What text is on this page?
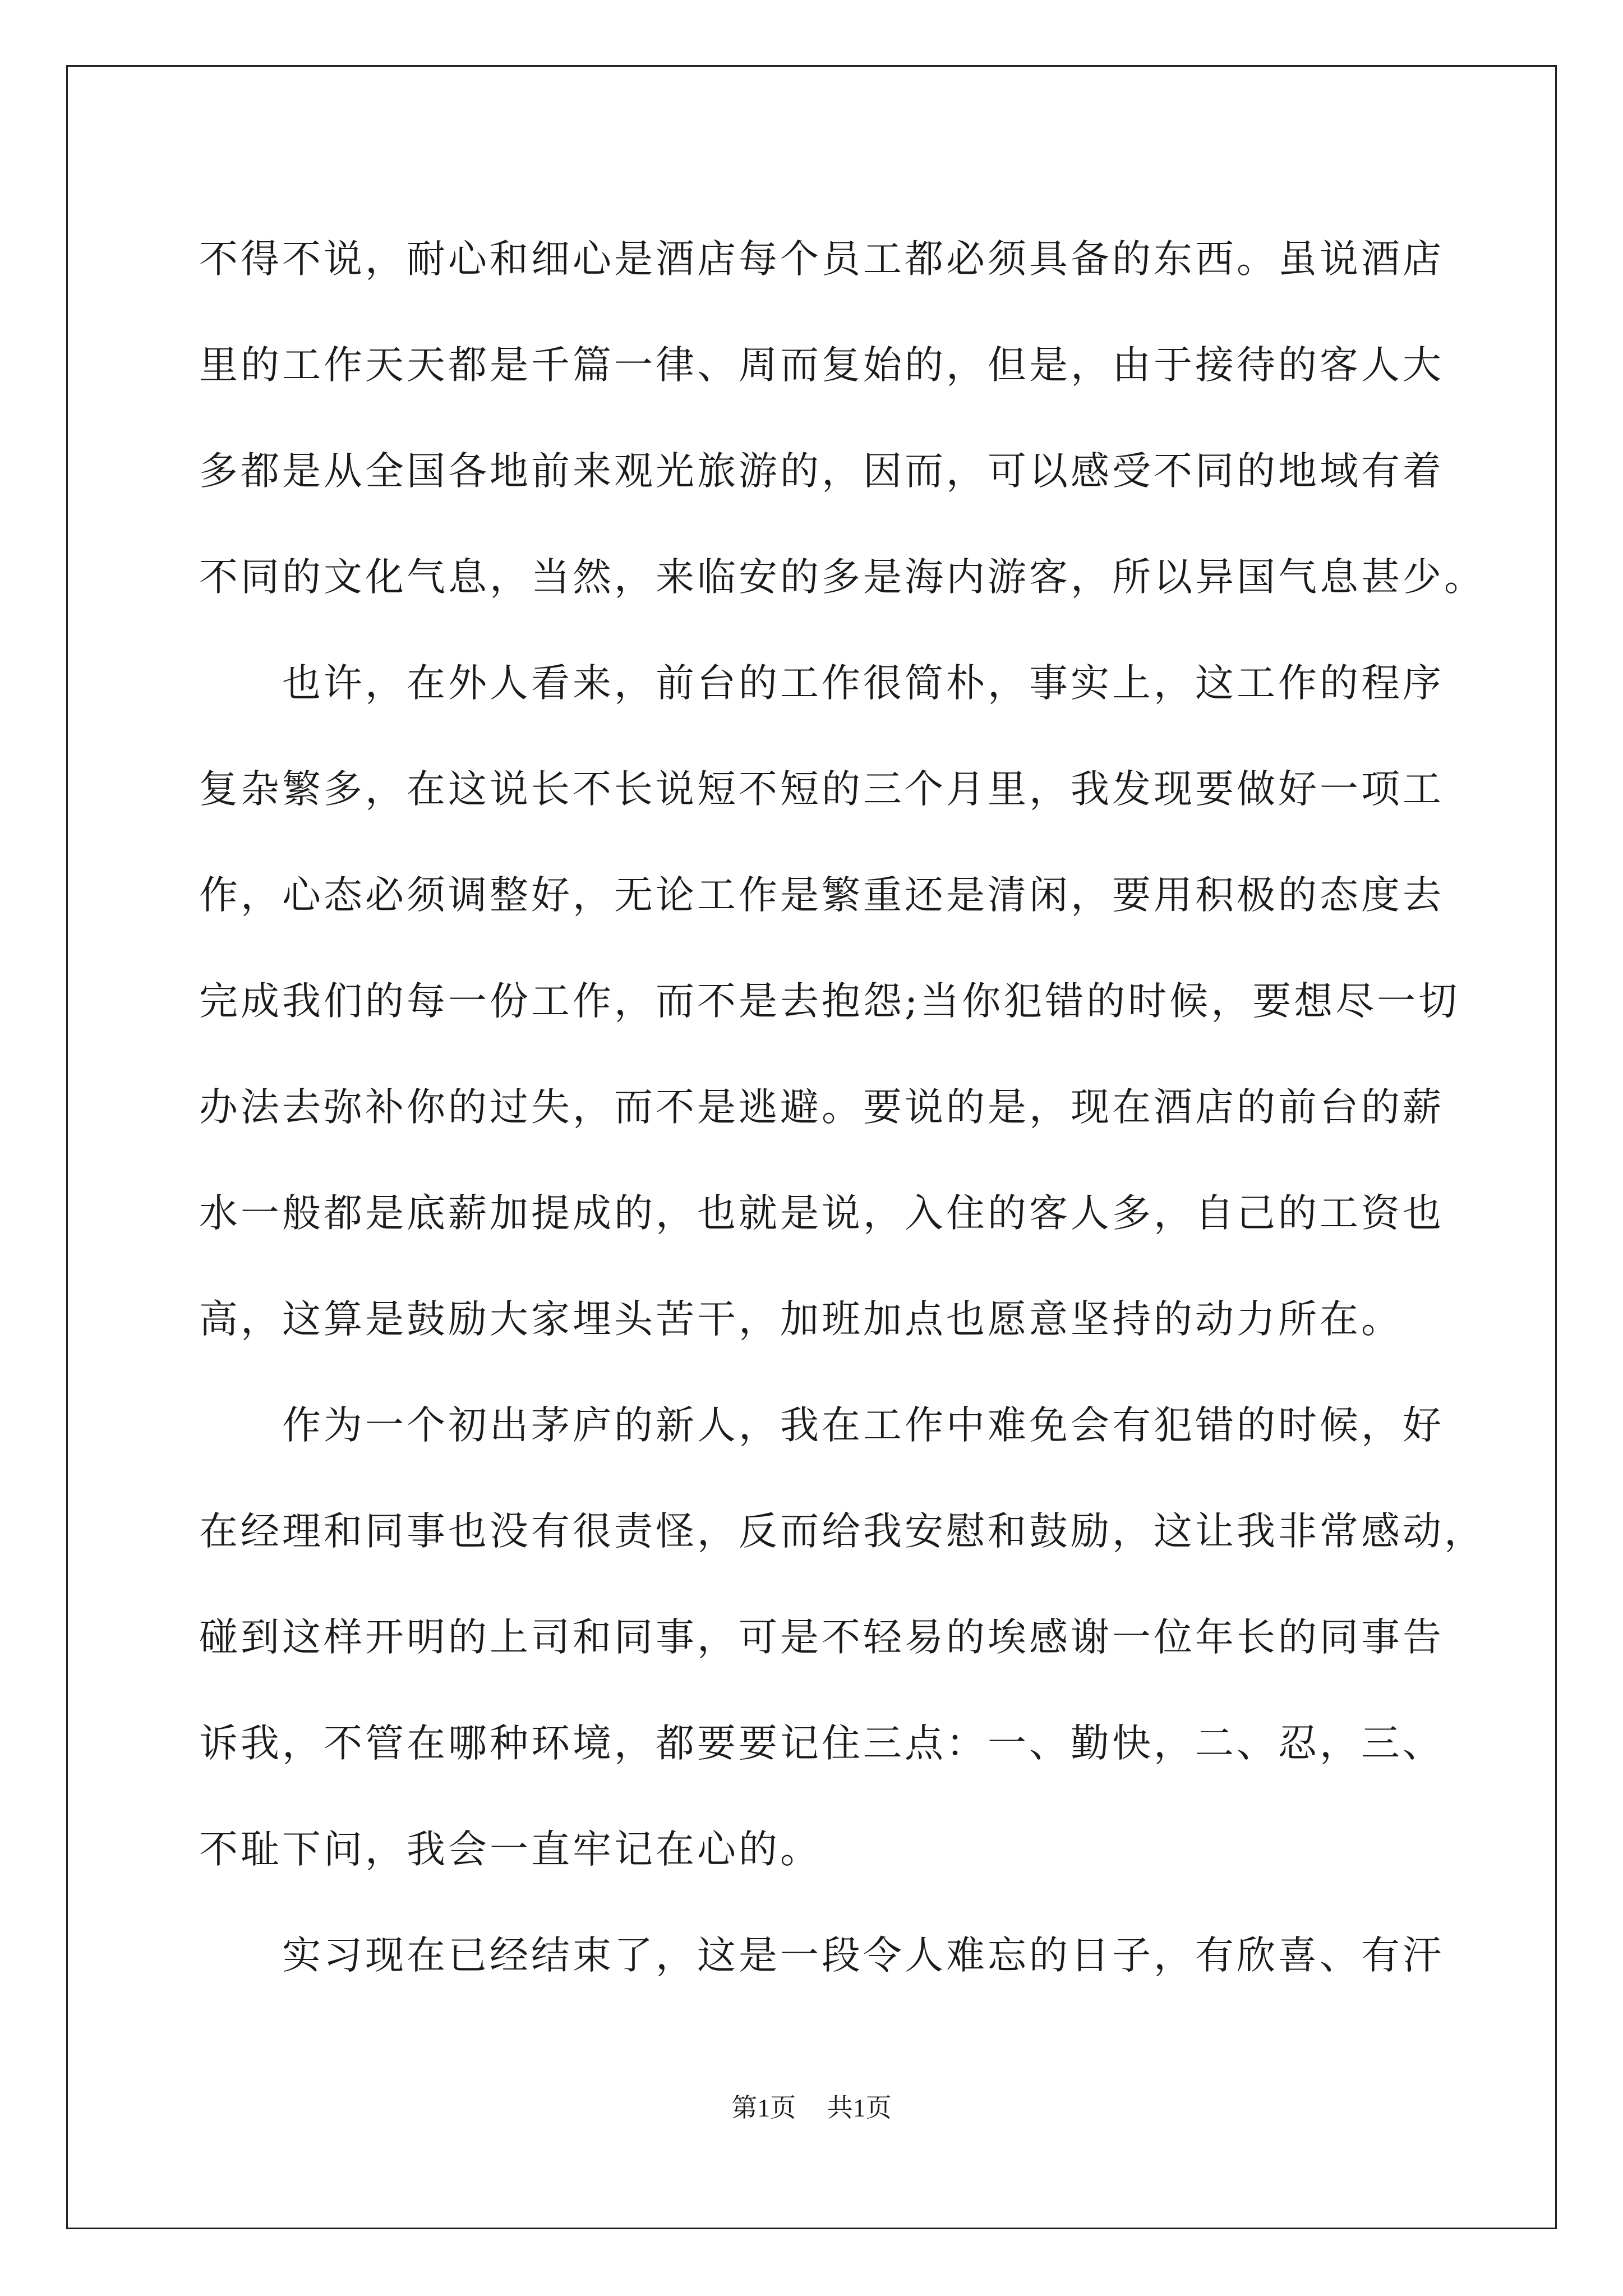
不得不说，耐心和细心是酒店每个员工都必须具备的东西。虽说酒店
里的工作天天都是千篇一律、周而复始的，但是，由于接待的客人大
多都是从全国各地前来观光旅游的，因而，可以感受不同的地域有着
不同的文化气息，当然，来临安的多是海内游客，所以异国气息甚少。
也许，在外人看来，前台的工作很简朴，事实上，这工作的程序
复杂繁多，在这说长不长说短不短的三个月里，我发现要做好一项工
作，心态必须调整好，无论工作是繁重还是清闲，要用积极的态度去
完成我们的每一份工作，而不是去抱怨;当你犯错的时候，要想尽一切
办法去弥补你的过失，而不是逃避。要说的是，现在酒店的前台的薪
水一般都是底薪加提成的，也就是说，入住的客人多，自己的工资也
高，这算是鼓励大家埋头苦干，加班加点也愿意坚持的动力所在。
作为一个初出茅庐的新人，我在工作中难免会有犯错的时候，好
在经理和同事也没有很责怪，反而给我安慰和鼓励，这让我非常感动，
碰到这样开明的上司和同事，可是不轻易的埃感谢一位年长的同事告
诉我，不管在哪种环境，都要要记住三点：一、勤快，二、忍，三、
不耻下问，我会一直牢记在心的。
实习现在已经结束了，这是一段令人难忘的日子，有欣喜、有汗
第1页 共1页
